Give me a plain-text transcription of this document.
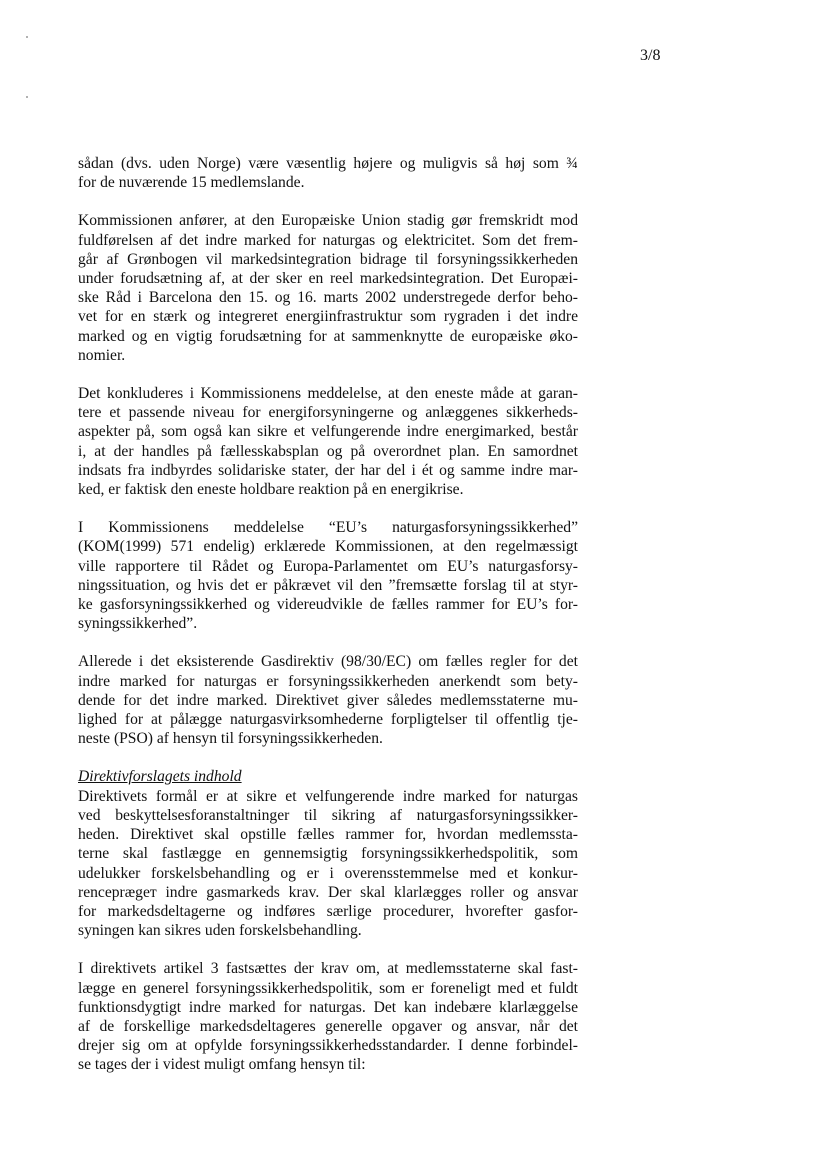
3/8
sådan (dvs. uden Norge) være væsentlig højere og muligvis så høj som ¾
for de nuværende 15 medlemslande.
Kommissionen anfører, at den Europæiske Union stadig gør fremskridt mod
fuldførelsen af det indre marked for naturgas og elektricitet. Som det frem-
går af Grønbogen vil markedsintegration bidrage til forsyningssikkerheden
under forudsætning af, at der sker en reel markedsintegration. Det Europæi-
ske Råd i Barcelona den 15. og 16. marts 2002 understregede derfor beho-
vet for en stærk og integreret energiinfrastruktur som rygraden i det indre
marked og en vigtig forudsætning for at sammenknytte de europæiske øko-
nomier.
Det konkluderes i Kommissionens meddelelse, at den eneste måde at garan-
tere et passende niveau for energiforsyningerne og anlæggenes sikkerheds-
aspekter på, som også kan sikre et velfungerende indre energimarked, består
i, at der handles på fællesskabsplan og på overordnet plan. En samordnet
indsats fra indbyrdes solidariske stater, der har del i ét og samme indre mar-
ked, er faktisk den eneste holdbare reaktion på en energikrise.
I Kommissionens meddelelse “EU’s naturgasforsyningssikkerhed”
(KOM(1999) 571 endelig) erklærede Kommissionen, at den regelmæssigt
ville rapportere til Rådet og Europa-Parlamentet om EU’s naturgasforsy-
ningssituation, og hvis det er påkrævet vil den ”fremsætte forslag til at styr-
ke gasforsyningssikkerhed og videreudvikle de fælles rammer for EU’s for-
syningssikkerhed”.
Allerede i det eksisterende Gasdirektiv (98/30/EC) om fælles regler for det
indre marked for naturgas er forsyningssikkerheden anerkendt som bety-
dende for det indre marked. Direktivet giver således medlemsstaterne mu-
lighed for at pålægge naturgasvirksomhederne forpligtelser til offentlig tje-
neste (PSO) af hensyn til forsyningssikkerheden.
Direktivforslagets indhold
Direktivets formål er at sikre et velfungerende indre marked for naturgas
ved beskyttelsesforanstaltninger til sikring af naturgasforsyningssikker-
heden. Direktivet skal opstille fælles rammer for, hvordan medlemssta-
terne skal fastlægge en gennemsigtig forsyningssikkerhedspolitik, som
udelukker forskelsbehandling og er i overensstemmelse med et konkur-
renceprægeт indre gasmarkeds krav. Der skal klarlægges roller og ansvar
for markedsdeltagerne og indføres særlige procedurer, hvorefter gasfor-
syningen kan sikres uden forskelsbehandling.
I direktivets artikel 3 fastsættes der krav om, at medlemsstaterne skal fast-
lægge en generel forsyningssikkerhedspolitik, som er foreneligt med et fuldt
funktionsdygtigt indre marked for naturgas. Det kan indebære klarlæggelse
af de forskellige markedsdeltageres generelle opgaver og ansvar, når det
drejer sig om at opfylde forsyningssikkerhedsstandarder. I denne forbindel-
se tages der i videst muligt omfang hensyn til:
